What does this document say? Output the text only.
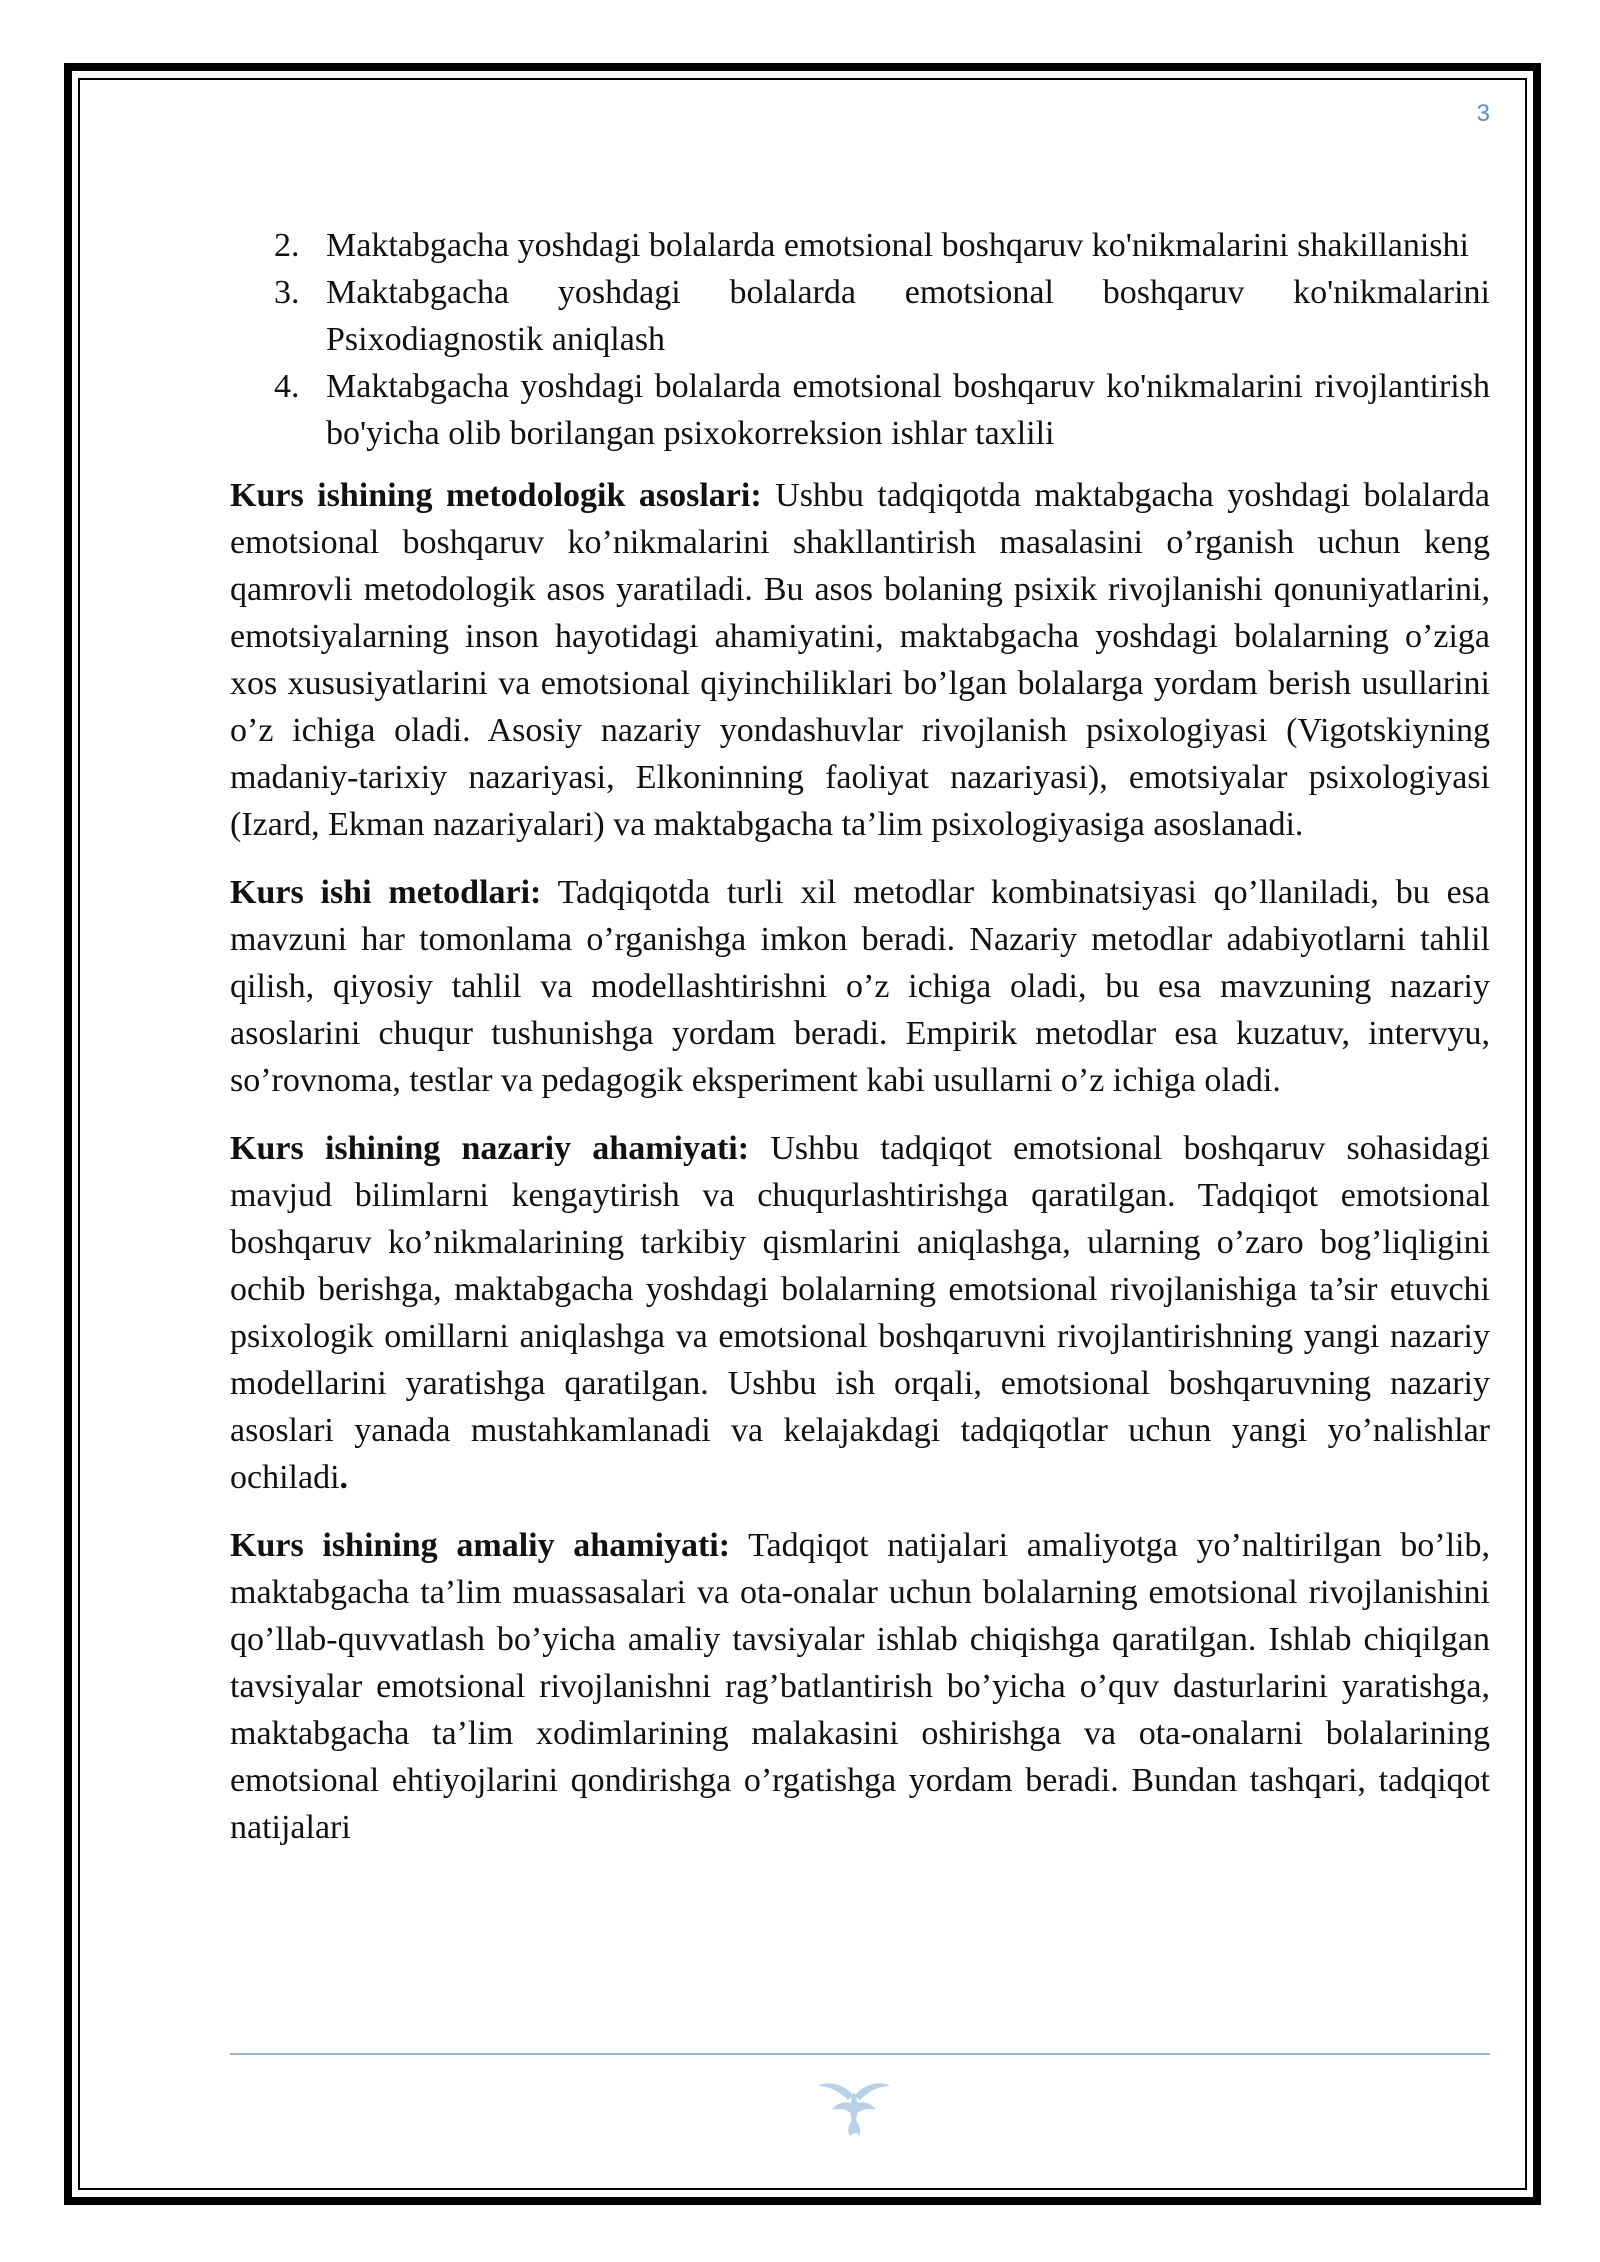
3
2. Maktabgacha yoshdagi bolalarda emotsional boshqaruv ko'nikmalarini shakillanishi
3. Maktabgacha yoshdagi bolalarda emotsional boshqaruv ko'nikmalarini Psixodiagnostik aniqlash
4. Maktabgacha yoshdagi bolalarda emotsional boshqaruv ko'nikmalarini rivojlantirish bo'yicha olib borilangan psixokorreksion ishlar taxlili

Kurs ishining metodologik asoslari: Ushbu tadqiqotda maktabgacha yoshdagi bolalarda emotsional boshqaruv ko’nikmalarini shakllantirish masalasini o’rganish uchun keng qamrovli metodologik asos yaratiladi. Bu asos bolaning psixik rivojlanishi qonuniyatlarini, emotsiyalarning inson hayotidagi ahamiyatini, maktabgacha yoshdagi bolalarning o’ziga xos xususiyatlarini va emotsional qiyinchiliklari bo’lgan bolalarga yordam berish usullarini o’z ichiga oladi. Asosiy nazariy yondashuvlar rivojlanish psixologiyasi (Vigotskiyning madaniy-tarixiy nazariyasi, Elkoninning faoliyat nazariyasi), emotsiyalar psixologiyasi (Izard, Ekman nazariyalari) va maktabgacha ta’lim psixologiyasiga asoslanadi.

Kurs ishi metodlari: Tadqiqotda turli xil metodlar kombinatsiyasi qo’llaniladi, bu esa mavzuni har tomonlama o’rganishga imkon beradi. Nazariy metodlar adabiyotlarni tahlil qilish, qiyosiy tahlil va modellashtirishni o’z ichiga oladi, bu esa mavzuning nazariy asoslarini chuqur tushunishga yordam beradi. Empirik metodlar esa kuzatuv, intervyu, so’rovnoma, testlar va pedagogik eksperiment kabi usullarni o’z ichiga oladi.

Kurs ishining nazariy ahamiyati: Ushbu tadqiqot emotsional boshqaruv sohasidagi mavjud bilimlarni kengaytirish va chuqurlashtirishga qaratilgan. Tadqiqot emotsional boshqaruv ko’nikmalarining tarkibiy qismlarini aniqlashga, ularning o’zaro bog’liqligini ochib berishga, maktabgacha yoshdagi bolalarning emotsional rivojlanishiga ta’sir etuvchi psixologik omillarni aniqlashga va emotsional boshqaruvni rivojlantirishning yangi nazariy modellarini yaratishga qaratilgan. Ushbu ish orqali, emotsional boshqaruvning nazariy asoslari yanada mustahkamlanadi va kelajakdagi tadqiqotlar uchun yangi yo’nalishlar ochiladi.

Kurs ishining amaliy ahamiyati: Tadqiqot natijalari amaliyotga yo’naltirilgan bo’lib, maktabgacha ta’lim muassasalari va ota-onalar uchun bolalarning emotsional rivojlanishini qo’llab-quvvatlash bo’yicha amaliy tavsiyalar ishlab chiqishga qaratilgan. Ishlab chiqilgan tavsiyalar emotsional rivojlanishni rag’batlantirish bo’yicha o’quv dasturlarini yaratishga, maktabgacha ta’lim xodimlarining malakasini oshirishga va ota-onalarni bolalarining emotsional ehtiyojlarini qondirishga o’rgatishga yordam beradi. Bundan tashqari, tadqiqot natijalari
